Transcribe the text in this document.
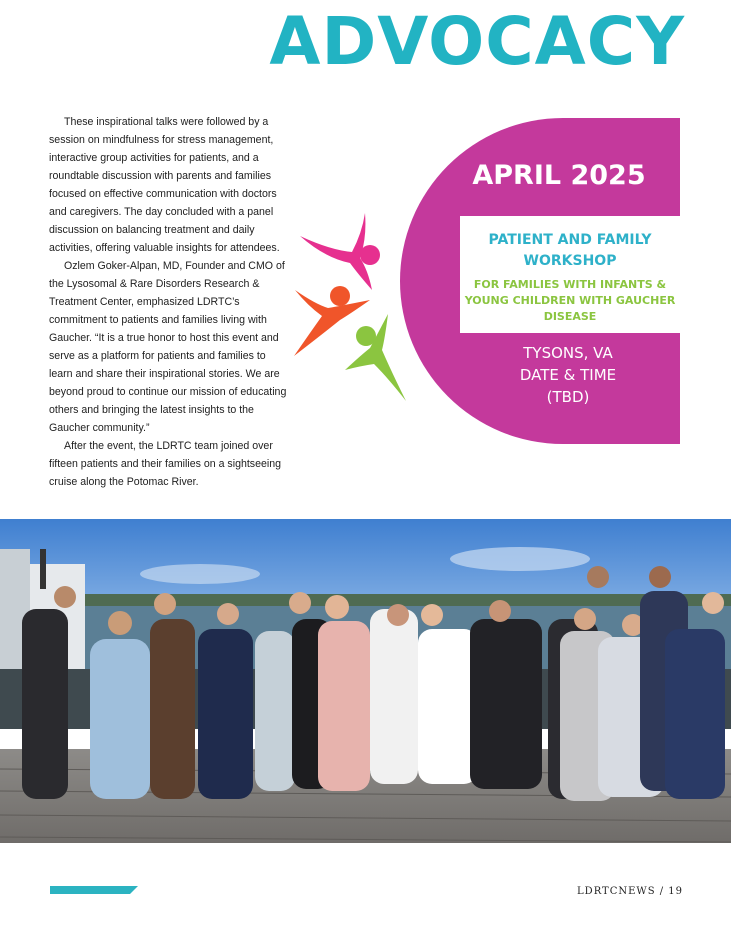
ADVOCACY

These inspirational talks were followed by a session on mindfulness for stress management, interactive group activities for patients, and a roundtable discussion with parents and families focused on effective communication with doctors and caregivers. The day concluded with a panel discussion on balancing treatment and daily activities, offering valuable insights for attendees.

Ozlem Goker-Alpan, MD, Founder and CMO of the Lysosomal & Rare Disorders Research & Treatment Center, emphasized LDRTC’s commitment to patients and families living with Gaucher. “It is a true honor to host this event and serve as a platform for patients and families to learn and share their inspirational stories. We are beyond proud to continue our mission of educating others and bringing the latest insights to the Gaucher community.”

After the event, the LDRTC team joined over fifteen patients and their families on a sightseeing cruise along the Potomac River.

APRIL 2025
PATIENT AND FAMILY WORKSHOP
FOR FAMILIES WITH INFANTS & YOUNG CHILDREN WITH GAUCHER DISEASE
TYSONS, VA
DATE & TIME
(TBD)
LDRTCNEWS / 19
